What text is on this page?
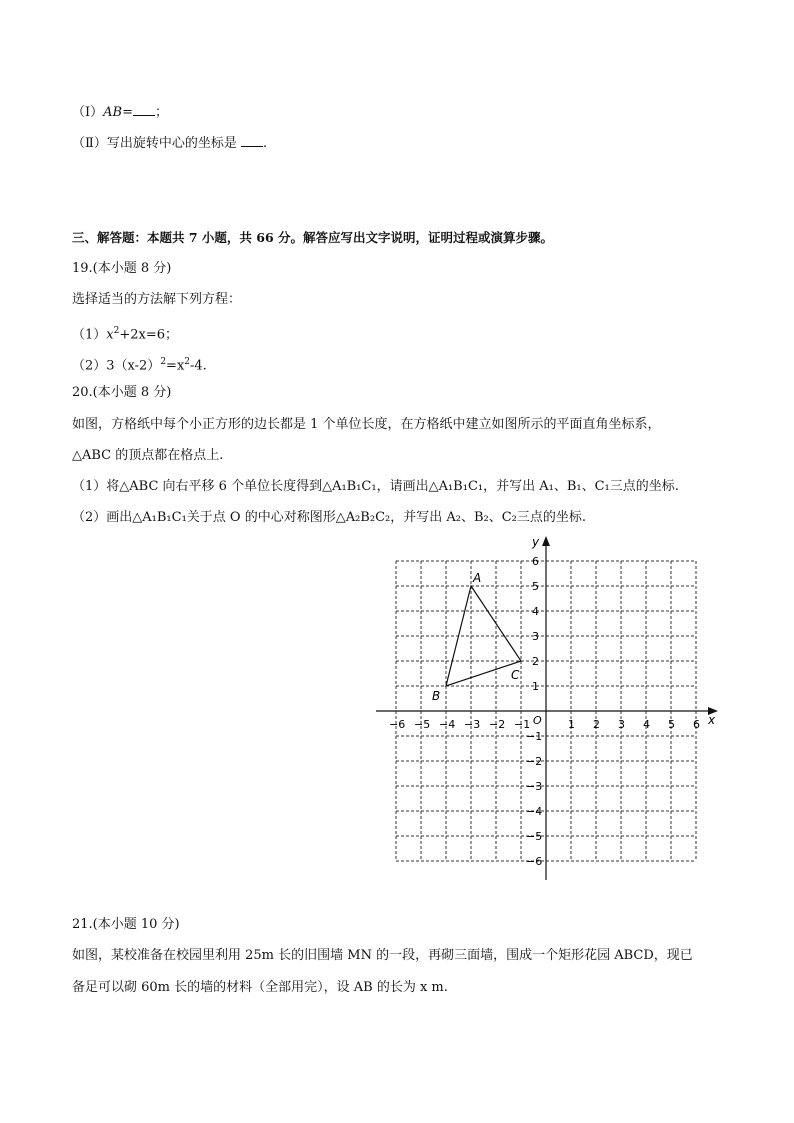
（Ⅰ）AB= ；
（Ⅱ）写出旋转中心的坐标是 .
三、解答题：本题共 7 小题，共 66 分。解答应写出文字说明，证明过程或演算步骤。
19.(本小题 8 分)
选择适当的方法解下列方程：
$(1)x^2+2x=6$；
$(2)3(x-2)^2=x^2-4$.
20.(本小题 8 分)
如图，方格纸中每个小正方形的边长都是 1 个单位长度，在方格纸中建立如图所示的平面直角坐标系，
△ABC 的顶点都在格点上.
（1）将△ABC 向右平移 6 个单位长度得到△A₁B₁C₁，请画出△A₁B₁C₁，并写出 A₁、B₁、C₁三点的坐标.
（2）画出△A₁B₁C₁关于点 O 的中心对称图形△A₂B₂C₂，并写出 A₂、B₂、C₂三点的坐标.
x
y
O
−6 −5 −4 −3 −2 −1	1 2 3 4 5 6
6
5
4
3
2
1
−1
−2
−3
−4
−5
−6
A
B
C
21.(本小题 10 分)
如图，某校准备在校园里利用 25m 长的旧围墙 MN 的一段，再砌三面墙，围成一个矩形花园 ABCD，现已
备足可以砌 60m 长的墙的材料（全部用完），设 AB 的长为 x m.
